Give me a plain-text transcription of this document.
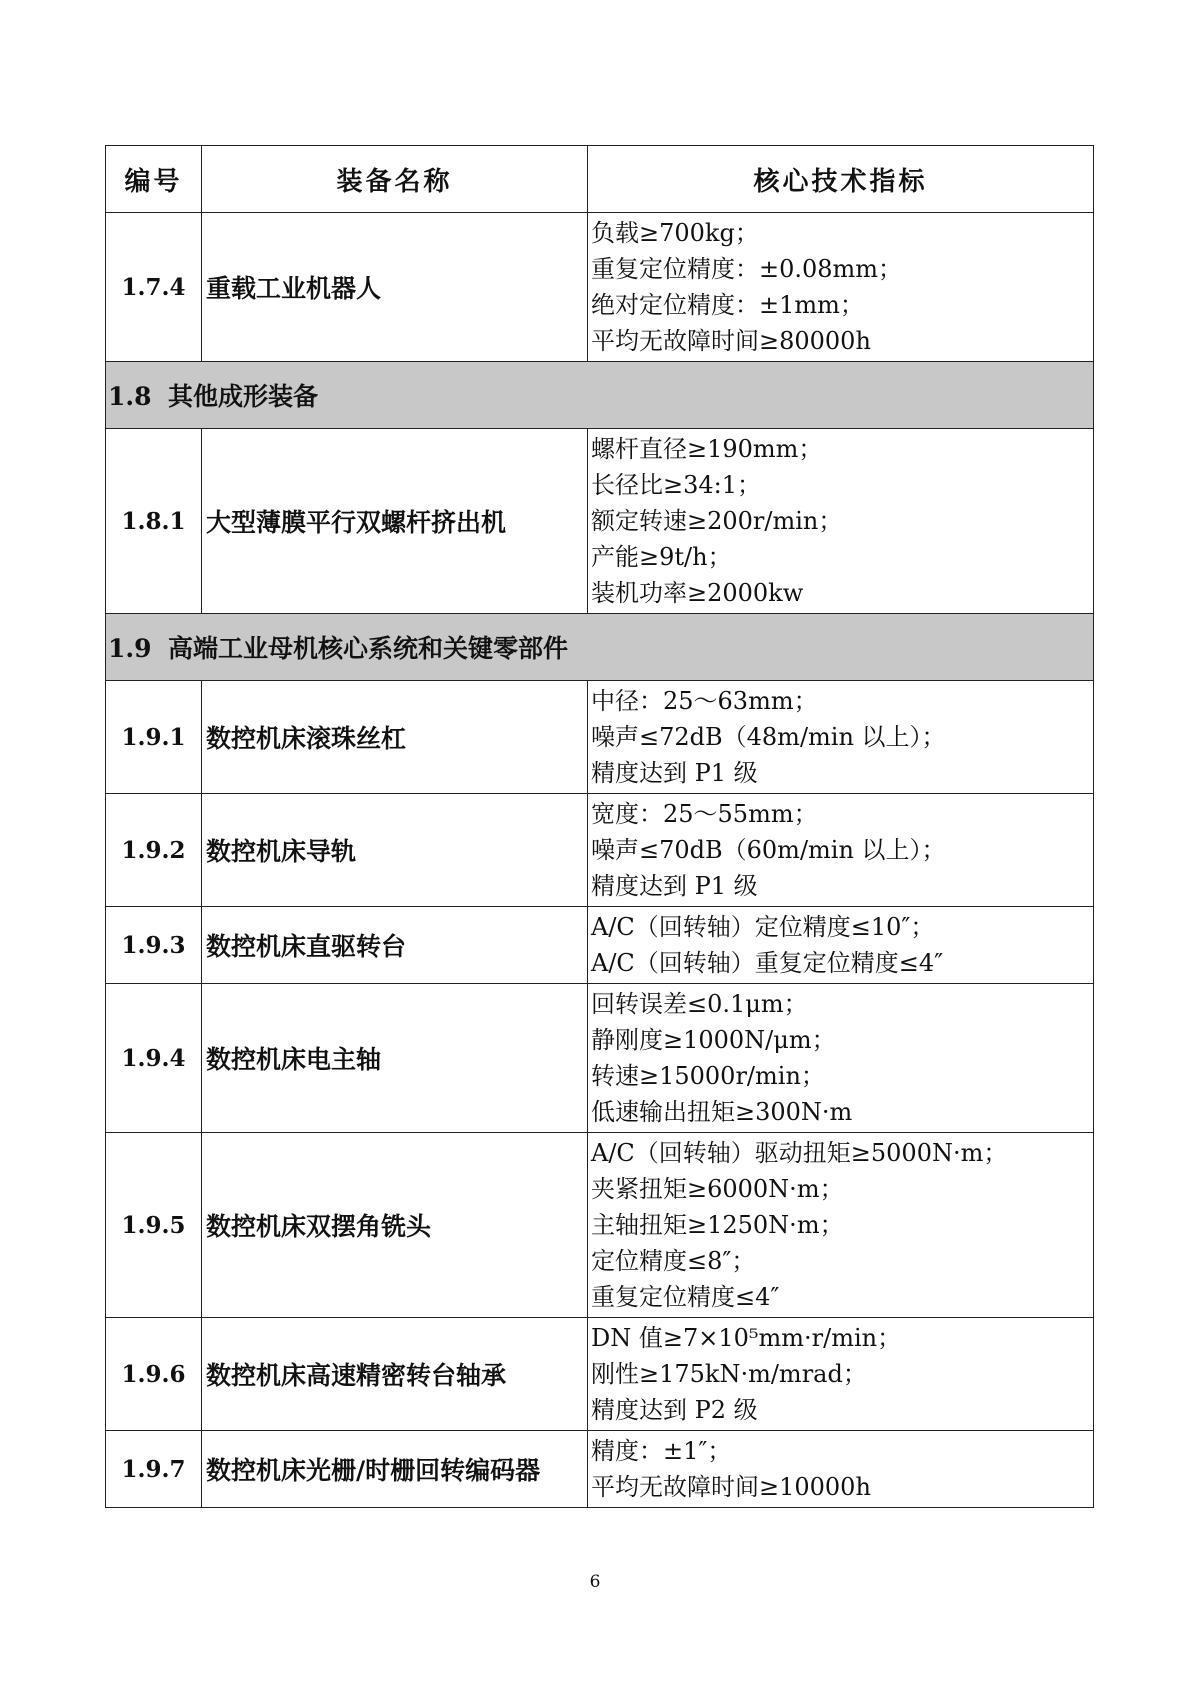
编号	装备名称	核心技术指标
1.7.4	重载工业机器人	负载≥700kg；
重复定位精度：±0.08mm；
绝对定位精度：±1mm；
平均无故障时间≥80000h

1.8 其他成形装备		
1.8.1	大型薄膜平行双螺杆挤出机	螺杆直径≥190mm；
长径比≥34:1；
额定转速≥200r/min；
产能≥9t/h；
装机功率≥2000kw

1.9 高端工业母机核心系统和关键零部件		
1.9.1	数控机床滚珠丝杠	中径：25～63mm；
噪声≤72dB（48m/min 以上）；
精度达到 P1 级

1.9.2	数控机床导轨	宽度：25～55mm；
噪声≤70dB（60m/min 以上）；
精度达到 P1 级

1.9.3	数控机床直驱转台	A/C（回转轴）定位精度≤10″；
A/C（回转轴）重复定位精度≤4″

1.9.4	数控机床电主轴	回转误差≤0.1μm；
静刚度≥1000N/μm；
转速≥15000r/min；
低速输出扭矩≥300N·m

1.9.5	数控机床双摆角铣头	A/C（回转轴）驱动扭矩≥5000N·m；
夹紧扭矩≥6000N·m；
主轴扭矩≥1250N·m；
定位精度≤8″；
重复定位精度≤4″

1.9.6	数控机床高速精密转台轴承	DN 值≥7×10⁵mm·r/min；
刚性≥175kN·m/mrad；
精度达到 P2 级

1.9.7	数控机床光栅/时栅回转编码器	精度：±1″；
平均无故障时间≥10000h
6
